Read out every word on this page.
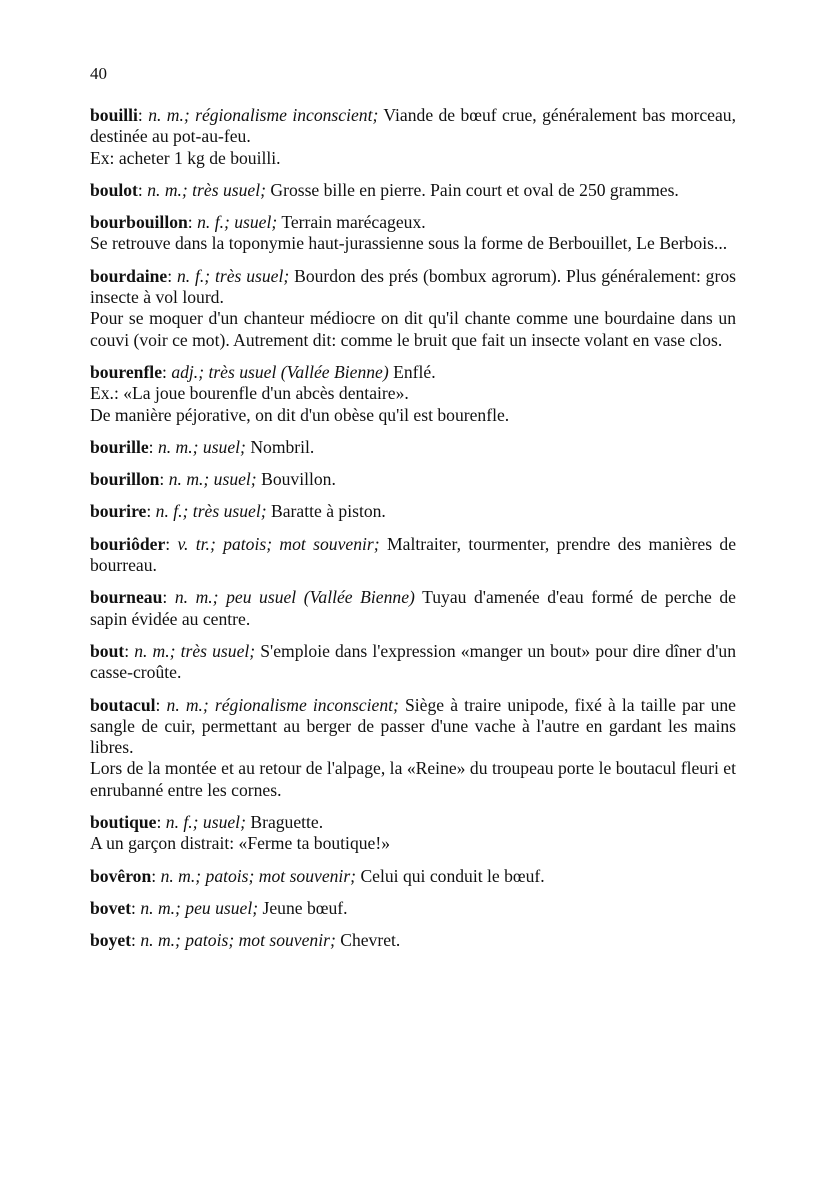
40

bouilli: n. m.; régionalisme inconscient; Viande de bœuf crue, généralement bas morceau, destinée au pot-au-feu.

Ex: acheter 1 kg de bouilli.

boulot: n. m.; très usuel; Grosse bille en pierre. Pain court et oval de 250 grammes.

bourbouillon: n. f.; usuel; Terrain marécageux.

Se retrouve dans la toponymie haut-jurassienne sous la forme de Berbouillet, Le Berbois...

bourdaine: n. f.; très usuel; Bourdon des prés (bombux agrorum). Plus généralement: gros insecte à vol lourd.

Pour se moquer d'un chanteur médiocre on dit qu'il chante comme une bourdaine dans un couvi (voir ce mot). Autrement dit: comme le bruit que fait un insecte volant en vase clos.

bourenfle: adj.; très usuel (Vallée Bienne) Enflé.

Ex.: «La joue bourenfle d'un abcès dentaire».

De manière péjorative, on dit d'un obèse qu'il est bourenfle.

bourille: n. m.; usuel; Nombril.

bourillon: n. m.; usuel; Bouvillon.

bourire: n. f.; très usuel; Baratte à piston.

bouriôder: v. tr.; patois; mot souvenir; Maltraiter, tourmenter, prendre des manières de bourreau.

bourneau: n. m.; peu usuel (Vallée Bienne) Tuyau d'amenée d'eau formé de perche de sapin évidée au centre.

bout: n. m.; très usuel; S'emploie dans l'expression «manger un bout» pour dire dîner d'un casse-croûte.

boutacul: n. m.; régionalisme inconscient; Siège à traire unipode, fixé à la taille par une sangle de cuir, permettant au berger de passer d'une vache à l'autre en gardant les mains libres.

Lors de la montée et au retour de l'alpage, la «Reine» du troupeau porte le boutacul fleuri et enrubanné entre les cornes.

boutique: n. f.; usuel; Braguette.

A un garçon distrait: «Ferme ta boutique!»

bovêron: n. m.; patois; mot souvenir; Celui qui conduit le bœuf.

bovet: n. m.; peu usuel; Jeune bœuf.

boyet: n. m.; patois; mot souvenir; Chevret.
